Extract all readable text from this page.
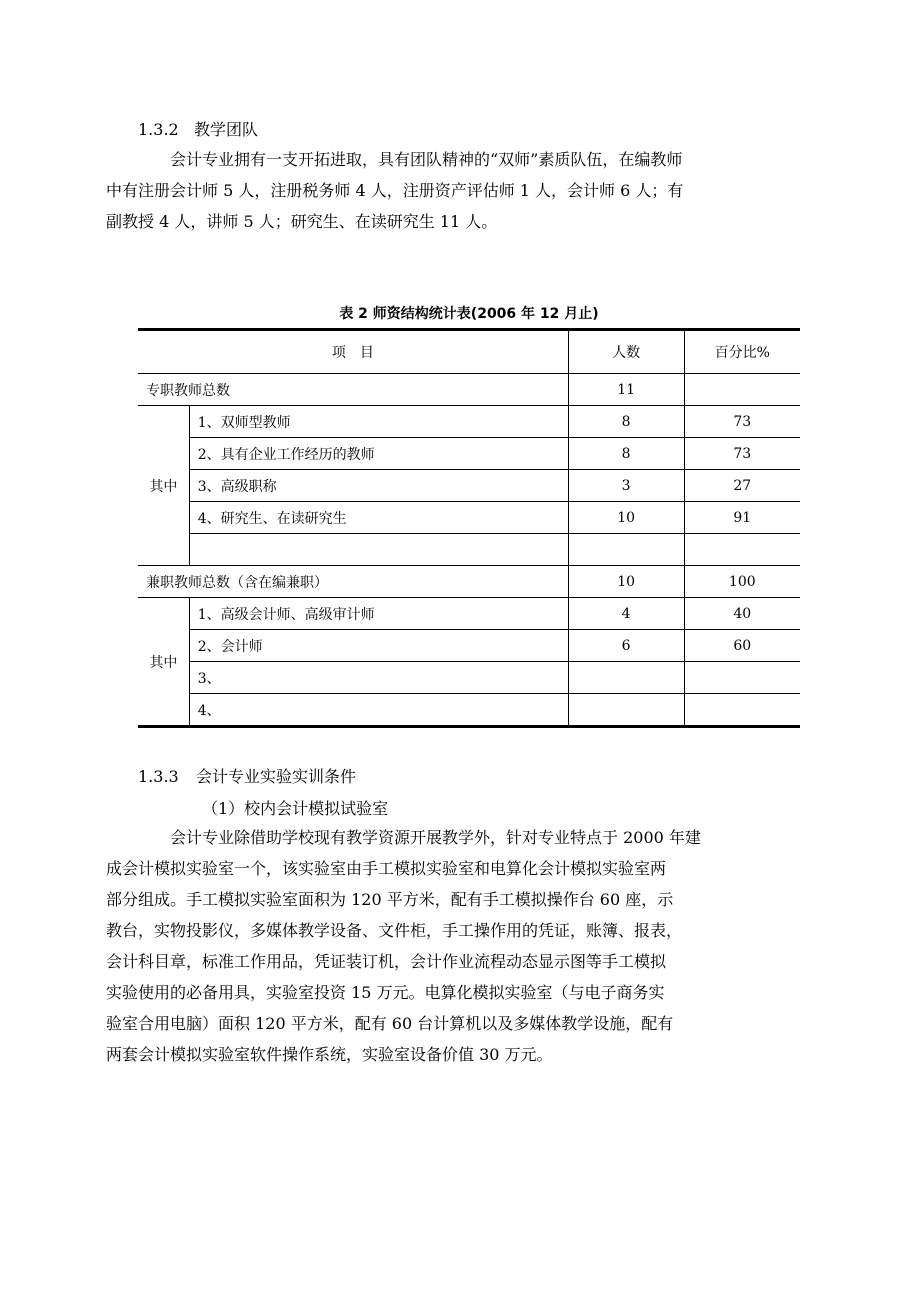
1.3.2 教学团队
会计专业拥有一支开拓进取，具有团队精神的“双师”素质队伍，在编教师
中有注册会计师 5 人，注册税务师 4 人，注册资产评估师 1 人，会计师 6 人；有
副教授 4 人，讲师 5 人；研究生、在读研究生 11 人。
表 2 师资结构统计表(2006 年 12 月止)
项　目		人数	百分比%
专职教师总数		11	
其中	1、双师型教师	8	73
	2、具有企业工作经历的教师	8	73
	3、高级职称	3	27
	4、研究生、在读研究生	10	91

兼职教师总数（含在编兼职）		10	100
其中	1、高级会计师、高级审计师	4	40
	2、会计师	6	60
	3、		
	4、		
1.3.3 会计专业实验实训条件
（1）校内会计模拟试验室
会计专业除借助学校现有教学资源开展教学外，针对专业特点于 2000 年建
成会计模拟实验室一个，该实验室由手工模拟实验室和电算化会计模拟实验室两
部分组成。手工模拟实验室面积为 120 平方米，配有手工模拟操作台 60 座，示
教台，实物投影仪，多媒体教学设备、文件柜，手工操作用的凭证，账簿、报表，
会计科目章，标准工作用品，凭证装订机，会计作业流程动态显示图等手工模拟
实验使用的必备用具，实验室投资 15 万元。电算化模拟实验室（与电子商务实
验室合用电脑）面积 120 平方米，配有 60 台计算机以及多媒体教学设施，配有
两套会计模拟实验室软件操作系统，实验室设备价值 30 万元。
